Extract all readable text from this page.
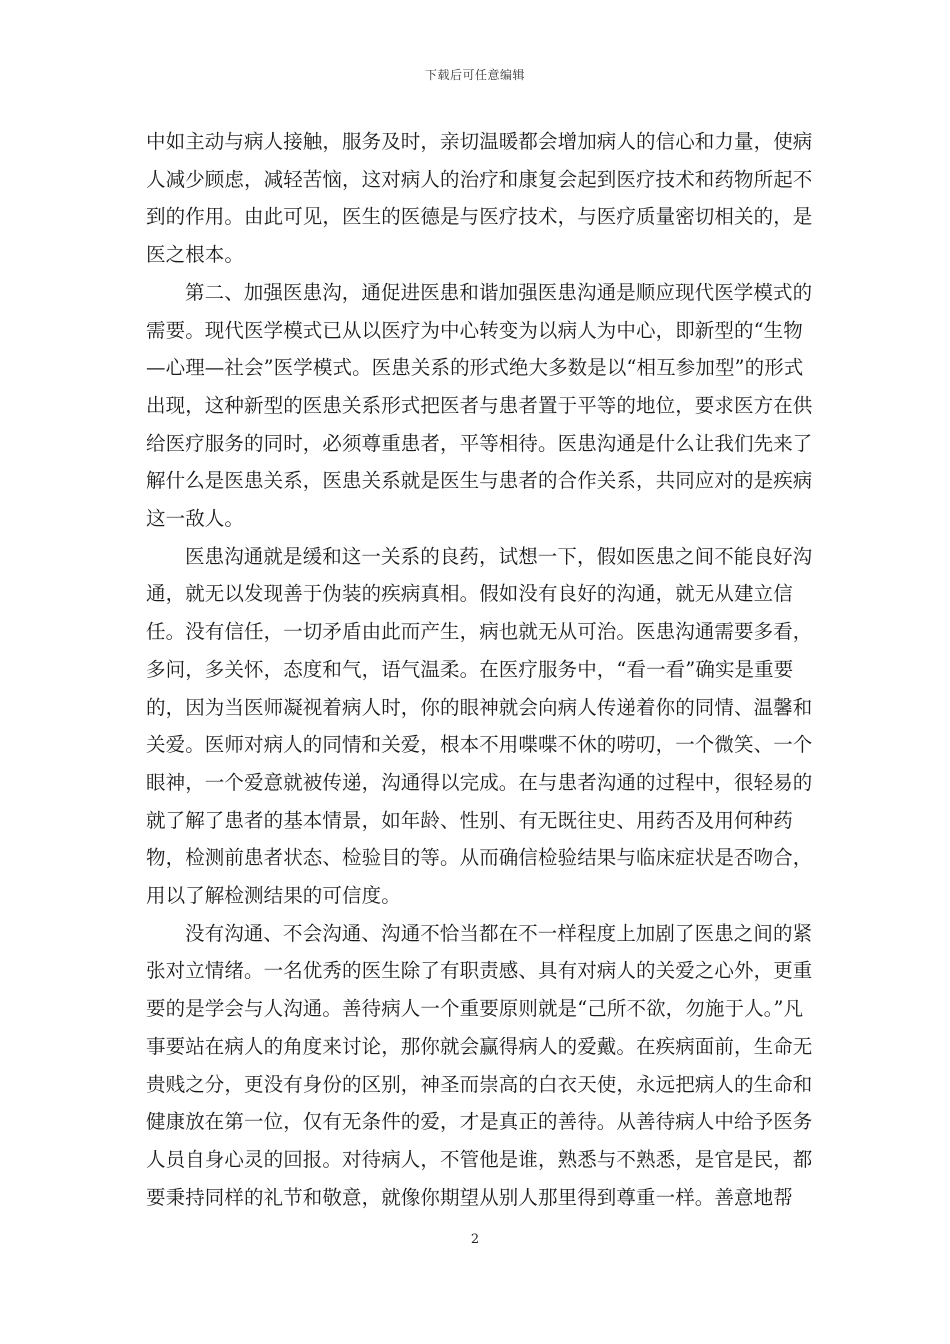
下载后可任意编辑

中如主动与病人接触，服务及时，亲切温暖都会增加病人的信心和力量，使病人减少顾虑，减轻苦恼，这对病人的治疗和康复会起到医疗技术和药物所起不到的作用。由此可见，医生的医德是与医疗技术，与医疗质量密切相关的，是医之根本。

第二、加强医患沟，通促进医患和谐加强医患沟通是顺应现代医学模式的需要。现代医学模式已从以医疗为中心转变为以病人为中心，即新型的“生物—心理—社会”医学模式。医患关系的形式绝大多数是以“相互参加型”的形式出现，这种新型的医患关系形式把医者与患者置于平等的地位，要求医方在供给医疗服务的同时，必须尊重患者，平等相待。医患沟通是什么让我们先来了解什么是医患关系，医患关系就是医生与患者的合作关系，共同应对的是疾病这一敌人。

医患沟通就是缓和这一关系的良药，试想一下，假如医患之间不能良好沟通，就无以发现善于伪装的疾病真相。假如没有良好的沟通，就无从建立信任。没有信任，一切矛盾由此而产生，病也就无从可治。医患沟通需要多看，多问，多关怀，态度和气，语气温柔。在医疗服务中，“看一看”确实是重要的，因为当医师凝视着病人时，你的眼神就会向病人传递着你的同情、温馨和关爱。医师对病人的同情和关爱，根本不用喋喋不休的唠叨，一个微笑、一个眼神，一个爱意就被传递，沟通得以完成。在与患者沟通的过程中，很轻易的就了解了患者的基本情景，如年龄、性别、有无既往史、用药否及用何种药物，检测前患者状态、检验目的等。从而确信检验结果与临床症状是否吻合，用以了解检测结果的可信度。

没有沟通、不会沟通、沟通不恰当都在不一样程度上加剧了医患之间的紧张对立情绪。一名优秀的医生除了有职责感、具有对病人的关爱之心外，更重要的是学会与人沟通。善待病人一个重要原则就是“己所不欲，勿施于人。”凡事要站在病人的角度来讨论，那你就会赢得病人的爱戴。在疾病面前，生命无贵贱之分，更没有身份的区别，神圣而崇高的白衣天使，永远把病人的生命和健康放在第一位，仅有无条件的爱，才是真正的善待。从善待病人中给予医务人员自身心灵的回报。对待病人，不管他是谁，熟悉与不熟悉，是官是民，都要秉持同样的礼节和敬意，就像你期望从别人那里得到尊重一样。善意地帮

2
